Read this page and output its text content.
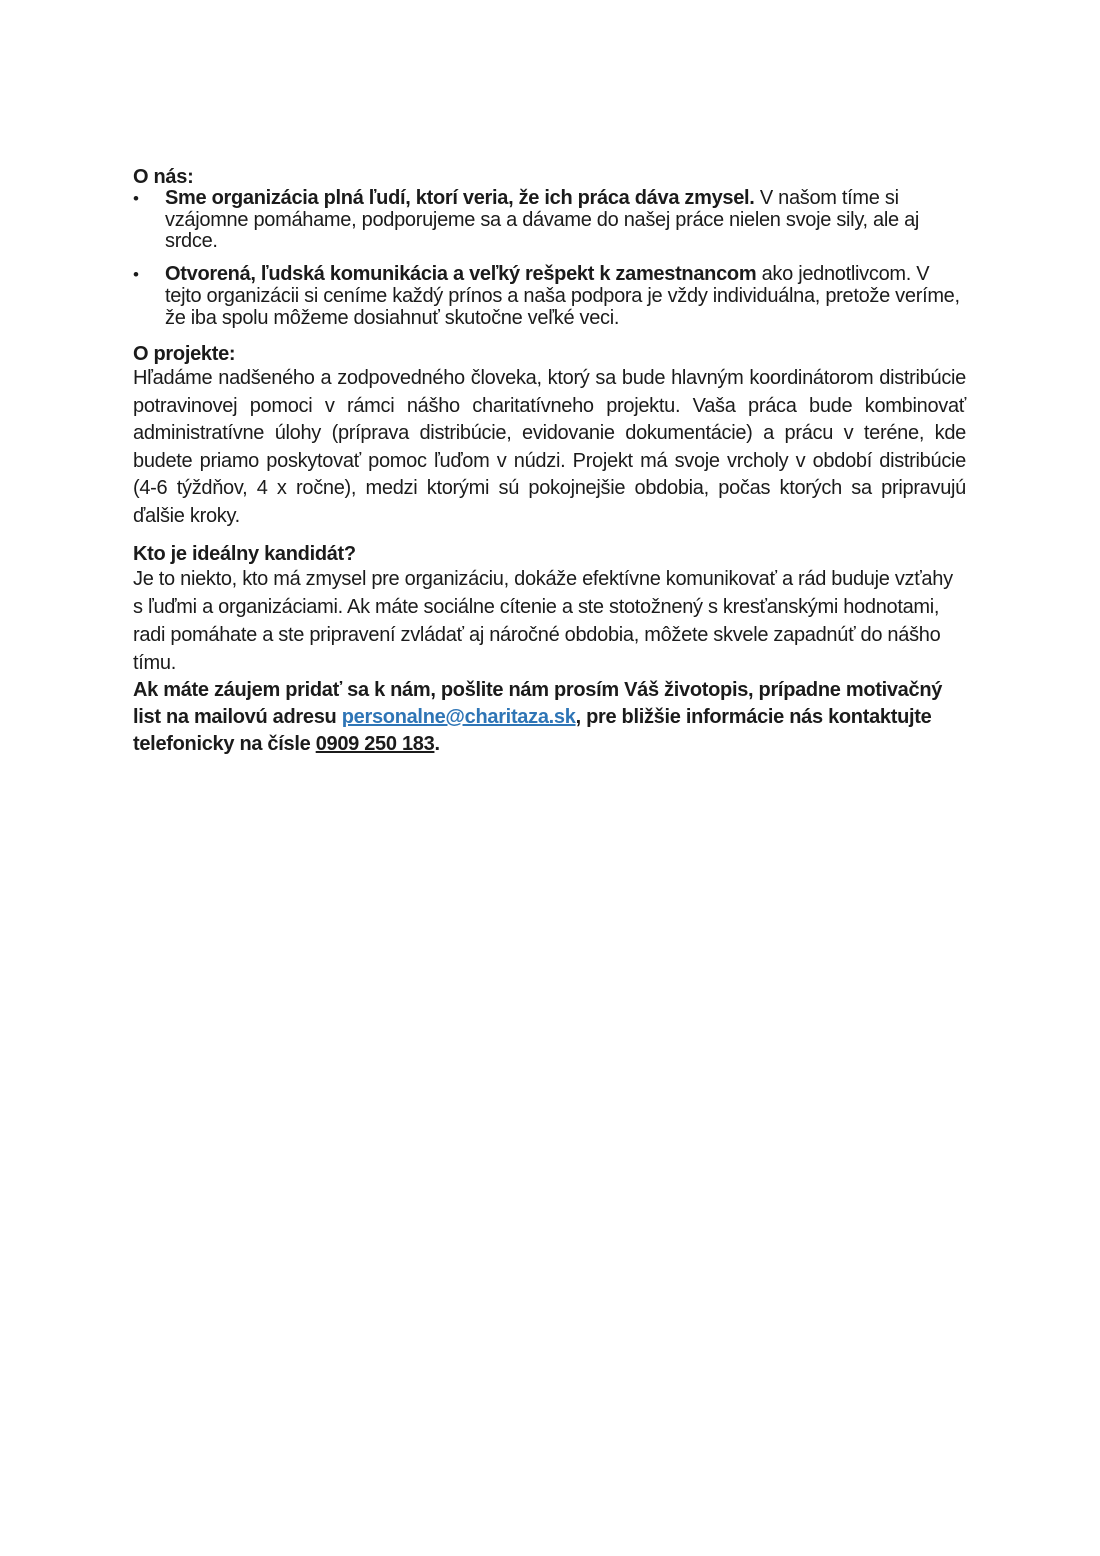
O nás:
•	Sme organizácia plná ľudí, ktorí veria, že ich práca dáva zmysel. V našom tíme si vzájomne pomáhame, podporujeme sa a dávame do našej práce nielen svoje sily, ale aj srdce.
•	Otvorená, ľudská komunikácia a veľký rešpekt k zamestnancom ako jednotlivcom. V tejto organizácii si ceníme každý prínos a naša podpora je vždy individuálna, pretože veríme, že iba spolu môžeme dosiahnuť skutočne veľké veci.
O projekte:

Hľadáme nadšeného a zodpovedného človeka, ktorý sa bude hlavným koordinátorom distribúcie potravinovej pomoci v rámci nášho charitatívneho projektu. Vaša práca bude kombinovať administratívne úlohy (príprava distribúcie, evidovanie dokumentácie) a prácu v teréne, kde budete priamo poskytovať pomoc ľuďom v núdzi. Projekt má svoje vrcholy v období distribúcie (4-6 týždňov, 4 x ročne), medzi ktorými sú pokojnejšie obdobia, počas ktorých sa pripravujú ďalšie kroky.

Kto je ideálny kandidát?

Je to niekto, kto má zmysel pre organizáciu, dokáže efektívne komunikovať a rád buduje vzťahy s ľuďmi a organizáciami. Ak máte sociálne cítenie a ste stotožnený s kresťanskými hodnotami, radi pomáhate a ste pripravení zvládať aj náročné obdobia, môžete skvele zapadnúť do nášho tímu.

Ak máte záujem pridať sa k nám, pošlite nám prosím Váš životopis, prípadne motivačný list na mailovú adresu personalne@charitaza.sk, pre bližšie informácie nás kontaktujte telefonicky na čísle 0909 250 183.
